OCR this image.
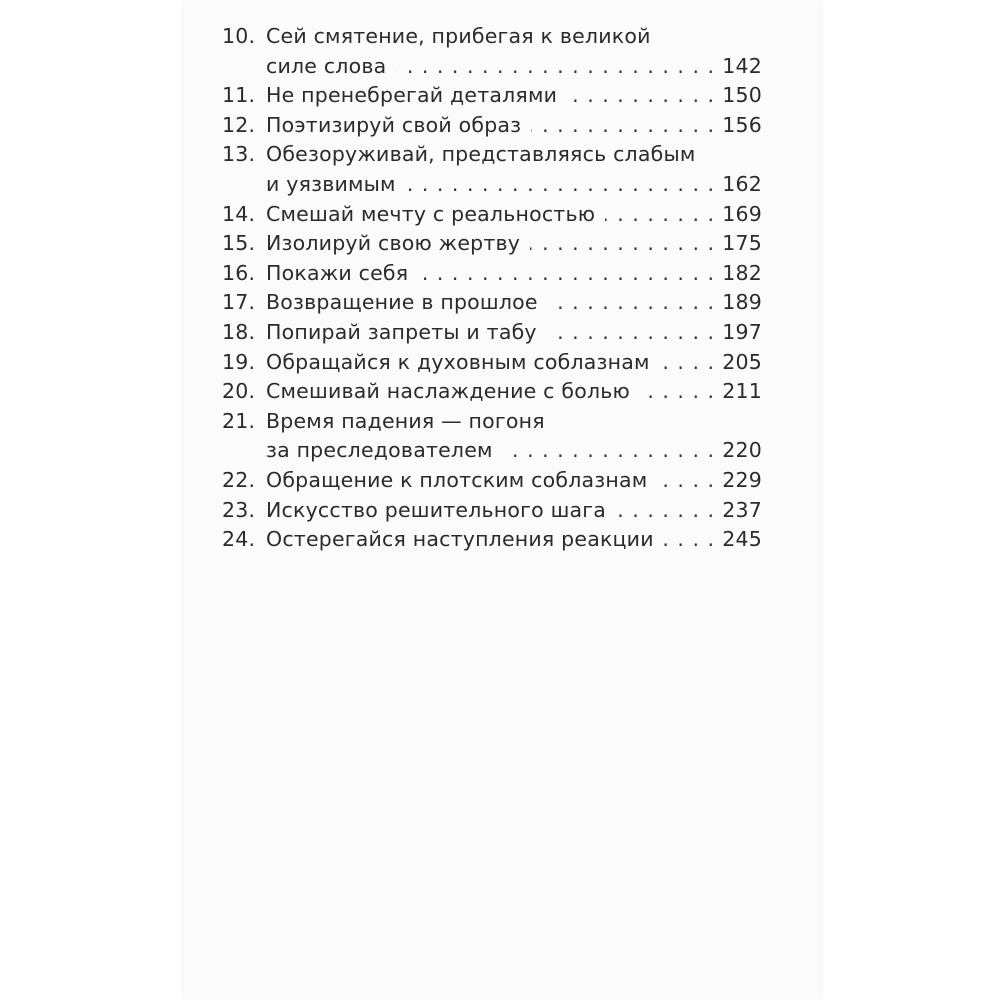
10. Сей смятение, прибегая к великой
силе слова . . .	142
11. Не пренебрегай деталями . . .	150
12. Поэтизируй свой образ . . .	156
13. Обезоруживай, представляясь слабым
и уязвимым . . .	162
14. Смешай мечту с реальностью . . .	169
15. Изолируй свою жертву . . .	175
16. Покажи себя . . .	182
17. Возвращение в прошлое . . .	189
18. Попирай запреты и табу . . .	197
19. Обращайся к духовным соблазнам . . .	205
20. Смешивай наслаждение с болью . . .	211
21. Время падения — погоня
за преследователем . . .	220
22. Обращение к плотским соблазнам . . .	229
23. Искусство решительного шага . . .	237
24. Остерегайся наступления реакции . . .	245
